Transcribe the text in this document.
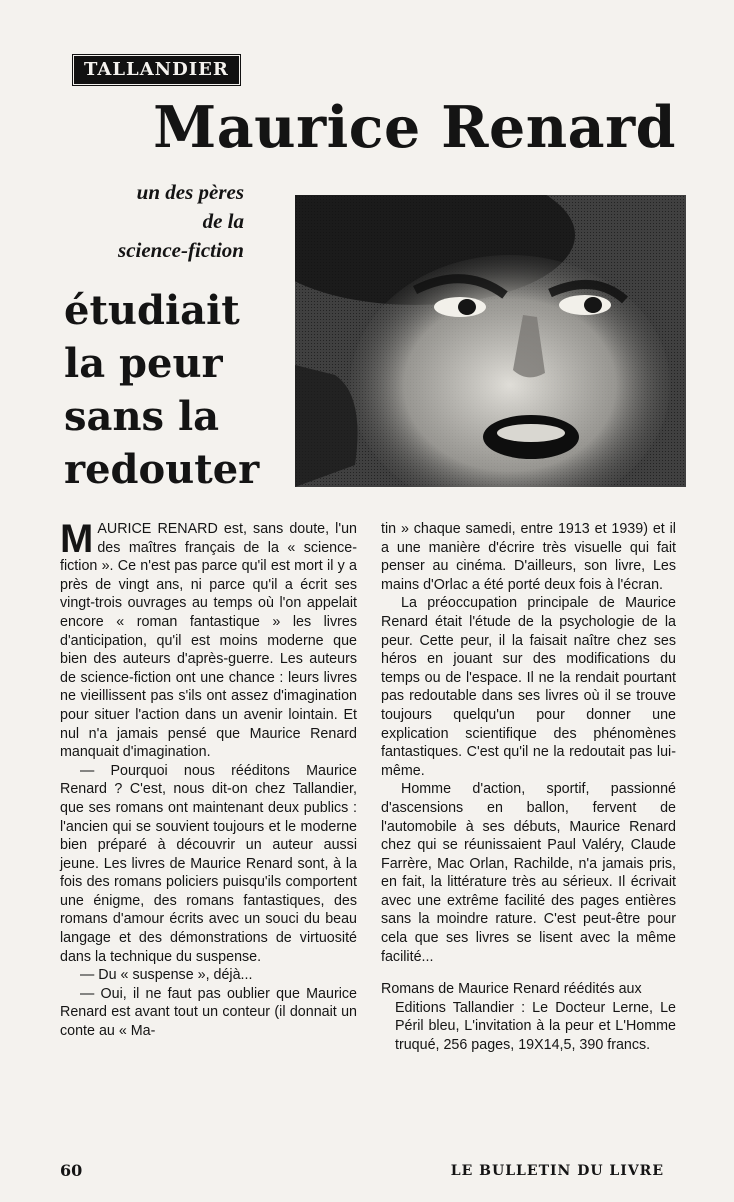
TALLANDIER
Maurice Renard
un des pères
de la
science-fiction
étudiait
la peur
sans la
redouter

MAURICE RENARD est, sans doute, l'un des maîtres français de la « science-fiction ». Ce n'est pas parce qu'il est mort il y a près de vingt ans, ni parce qu'il a écrit ses vingt-trois ouvrages au temps où l'on appelait encore « roman fantastique » les livres d'anticipation, qu'il est moins moderne que bien des auteurs d'après-guerre. Les auteurs de science-fiction ont une chance : leurs livres ne vieillissent pas s'ils ont assez d'imagination pour situer l'action dans un avenir lointain. Et nul n'a jamais pensé que Maurice Renard manquait d'imagination.

— Pourquoi nous rééditons Maurice Renard ? C'est, nous dit-on chez Tallandier, que ses romans ont maintenant deux publics : l'ancien qui se souvient toujours et le moderne bien préparé à découvrir un auteur aussi jeune. Les livres de Maurice Renard sont, à la fois des romans policiers puisqu'ils comportent une énigme, des romans fantastiques, des romans d'amour écrits avec un souci du beau langage et des démonstrations de virtuosité dans la technique du suspense.

— Du « suspense », déjà...

— Oui, il ne faut pas oublier que Maurice Renard est avant tout un conteur (il donnait un conte au « Ma-

tin » chaque samedi, entre 1913 et 1939) et il a une manière d'écrire très visuelle qui fait penser au cinéma. D'ailleurs, son livre, Les mains d'Orlac a été porté deux fois à l'écran.

La préoccupation principale de Maurice Renard était l'étude de la psychologie de la peur. Cette peur, il la faisait naître chez ses héros en jouant sur des modifications du temps ou de l'espace. Il ne la rendait pourtant pas redoutable dans ses livres où il se trouve toujours quelqu'un pour donner une explication scientifique des phénomènes fantastiques. C'est qu'il ne la redoutait pas lui-même.

Homme d'action, sportif, passionné d'ascensions en ballon, fervent de l'automobile à ses débuts, Maurice Renard chez qui se réunissaient Paul Valéry, Claude Farrère, Mac Orlan, Rachilde, n'a jamais pris, en fait, la littérature très au sérieux. Il écrivait avec une extrême facilité des pages entières sans la moindre rature. C'est peut-être pour cela que ses livres se lisent avec la même facilité...

Romans de Maurice Renard réédités aux
Editions Tallandier : Le Docteur Lerne, Le Péril bleu, L'invitation à la peur et L'Homme truqué, 256 pages, 19X14,5, 390 francs.

60	LE BULLETIN DU LIVRE
